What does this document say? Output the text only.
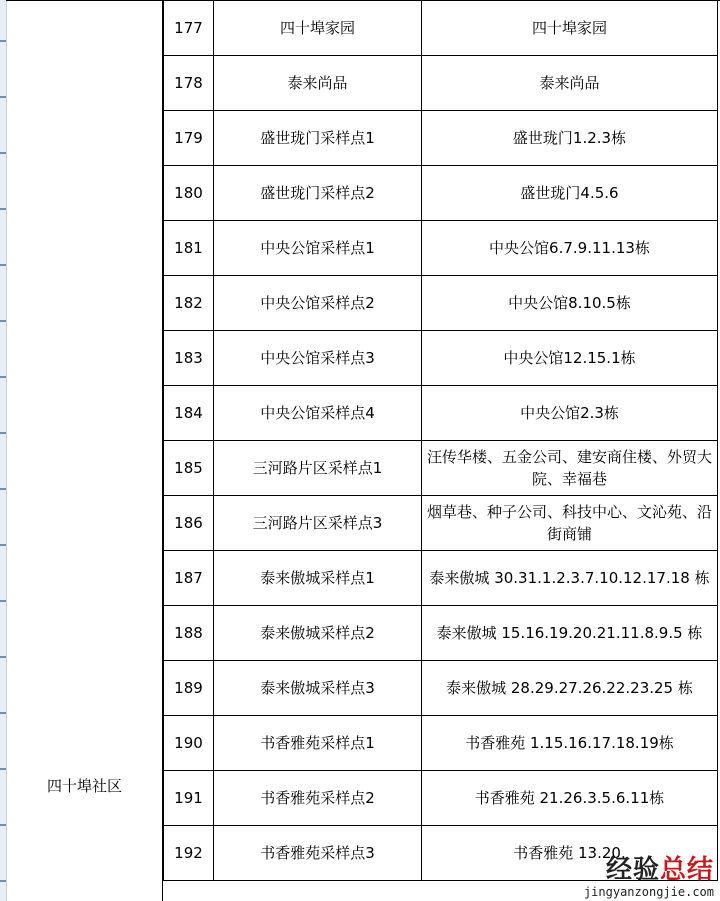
四十埠社区
177	四十埠家园	四十埠家园
178	泰来尚品	泰来尚品
179	盛世珑门采样点1	盛世珑门1.2.3栋
180	盛世珑门采样点2	盛世珑门4.5.6
181	中央公馆采样点1	中央公馆6.7.9.11.13栋
182	中央公馆采样点2	中央公馆8.10.5栋
183	中央公馆采样点3	中央公馆12.15.1栋
184	中央公馆采样点4	中央公馆2.3栋
185	三河路片区采样点1	汪传华楼、五金公司、建安商住楼、外贸大院、幸福巷
186	三河路片区采样点3	烟草巷、种子公司、科技中心、文沁苑、沿街商铺
187	泰来傲城采样点1	泰来傲城 30.31.1.2.3.7.10.12.17.18 栋
188	泰来傲城采样点2	泰来傲城 15.16.19.20.21.11.8.9.5 栋
189	泰来傲城采样点3	泰来傲城 28.29.27.26.22.23.25 栋
190	书香雅苑采样点1	书香雅苑 1.15.16.17.18.19栋
191	书香雅苑采样点2	书香雅苑 21.26.3.5.6.11栋
192	书香雅苑采样点3	书香雅苑 13.20.
经验总结
jingyanzongjie.com
